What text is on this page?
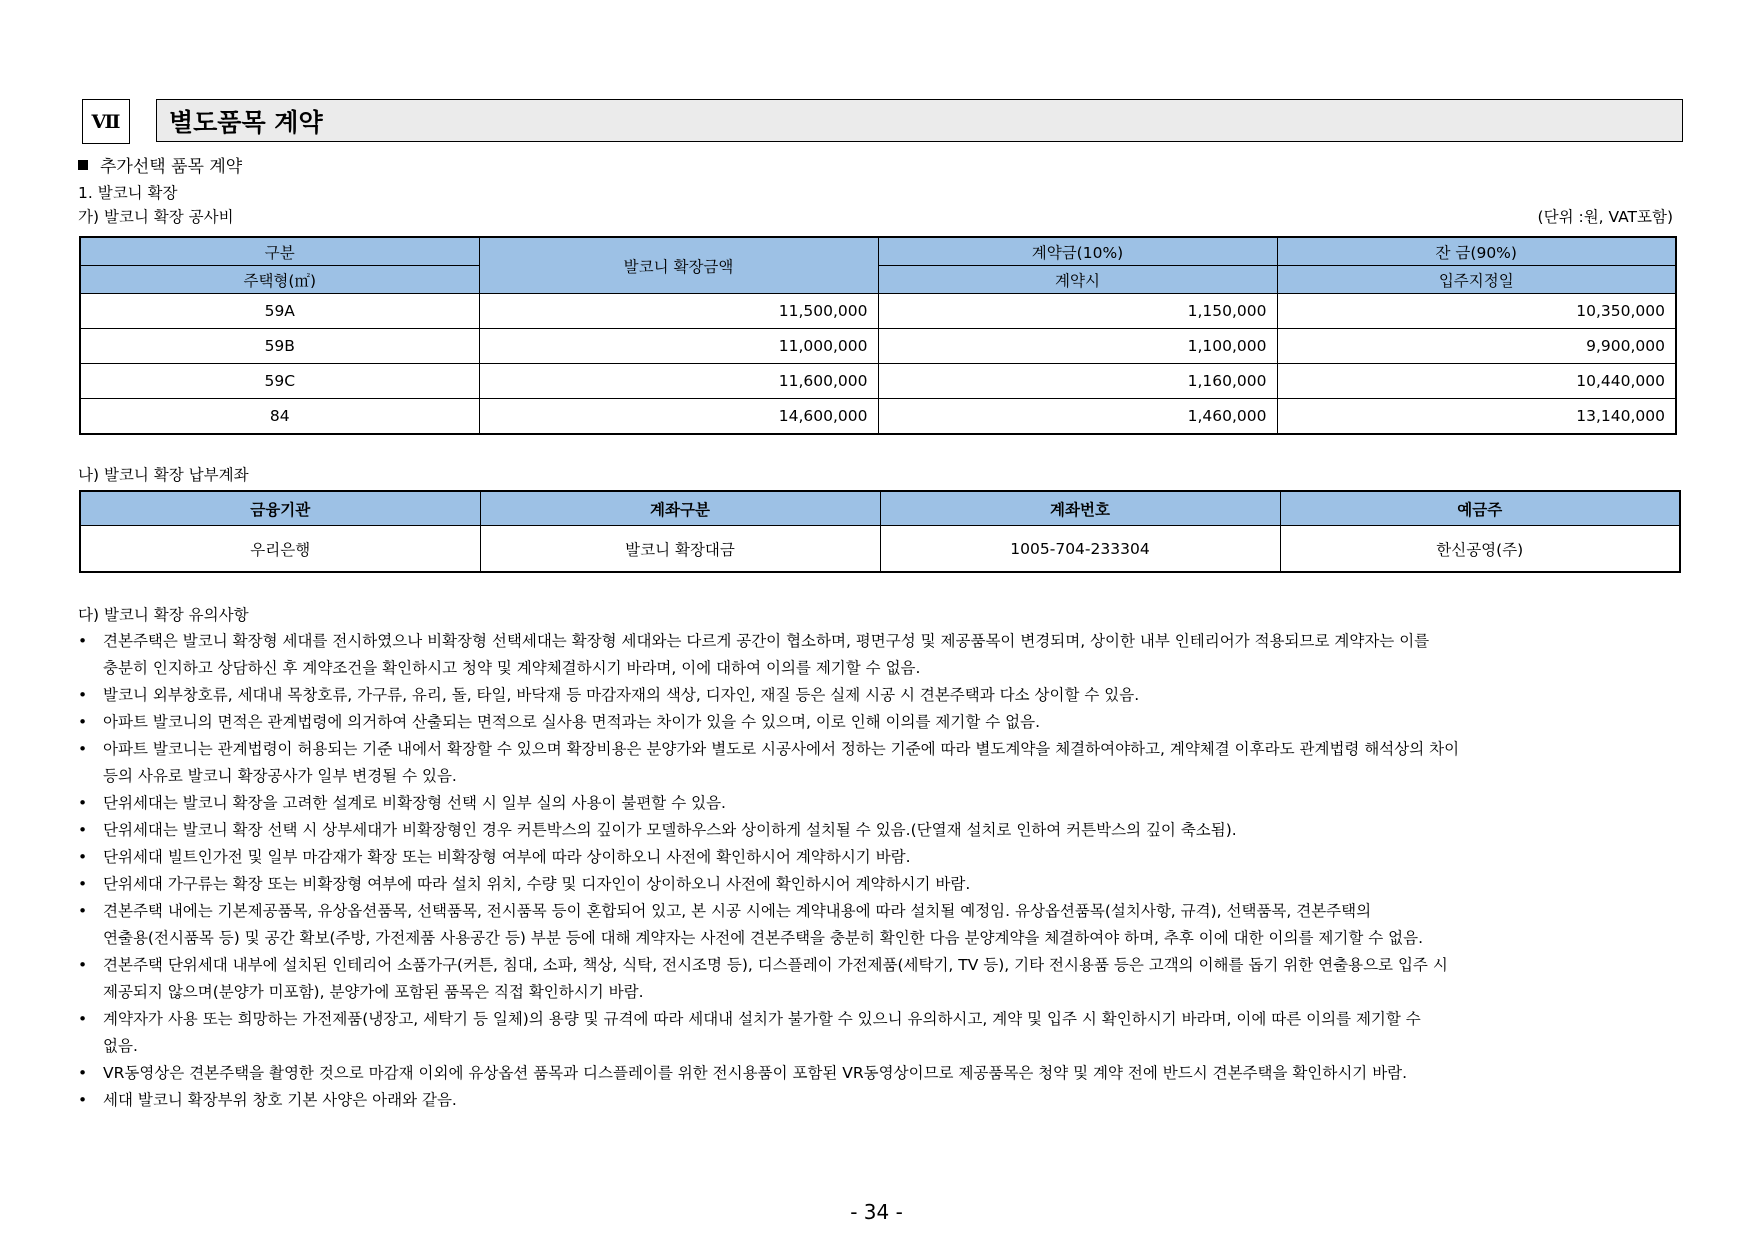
Ⅶ	별도품목 계약
추가선택 품목 계약
1. 발코니 확장
가) 발코니 확장 공사비	(단위 :원, VAT포함)
구분	발코니 확장금액	계약금(10%)	잔 금(90%)
주택형(㎡)		계약시	입주지정일
59A	11,500,000	1,150,000	10,350,000
59B	11,000,000	1,100,000	9,900,000
59C	11,600,000	1,160,000	10,440,000
84	14,600,000	1,460,000	13,140,000
나) 발코니 확장 납부계좌
금융기관	계좌구분	계좌번호	예금주
우리은행	발코니 확장대금	1005-704-233304	한신공영(주)
다) 발코니 확장 유의사항
• 견본주택은 발코니 확장형 세대를 전시하였으나 비확장형 선택세대는 확장형 세대와는 다르게 공간이 협소하며, 평면구성 및 제공품목이 변경되며, 상이한 내부 인테리어가 적용되므로 계약자는 이를
충분히 인지하고 상담하신 후 계약조건을 확인하시고 청약 및 계약체결하시기 바라며, 이에 대하여 이의를 제기할 수 없음.
• 발코니 외부창호류, 세대내 목창호류, 가구류, 유리, 돌, 타일, 바닥재 등 마감자재의 색상, 디자인, 재질 등은 실제 시공 시 견본주택과 다소 상이할 수 있음.
• 아파트 발코니의 면적은 관계법령에 의거하여 산출되는 면적으로 실사용 면적과는 차이가 있을 수 있으며, 이로 인해 이의를 제기할 수 없음.
• 아파트 발코니는 관계법령이 허용되는 기준 내에서 확장할 수 있으며 확장비용은 분양가와 별도로 시공사에서 정하는 기준에 따라 별도계약을 체결하여야하고, 계약체결 이후라도 관계법령 해석상의 차이
등의 사유로 발코니 확장공사가 일부 변경될 수 있음.
• 단위세대는 발코니 확장을 고려한 설계로 비확장형 선택 시 일부 실의 사용이 불편할 수 있음.
• 단위세대는 발코니 확장 선택 시 상부세대가 비확장형인 경우 커튼박스의 깊이가 모델하우스와 상이하게 설치될 수 있음.(단열재 설치로 인하여 커튼박스의 깊이 축소됨).
• 단위세대 빌트인가전 및 일부 마감재가 확장 또는 비확장형 여부에 따라 상이하오니 사전에 확인하시어 계약하시기 바람.
• 단위세대 가구류는 확장 또는 비확장형 여부에 따라 설치 위치, 수량 및 디자인이 상이하오니 사전에 확인하시어 계약하시기 바람.
• 견본주택 내에는 기본제공품목, 유상옵션품목, 선택품목, 전시품목 등이 혼합되어 있고, 본 시공 시에는 계약내용에 따라 설치될 예정임. 유상옵션품목(설치사항, 규격), 선택품목, 견본주택의
연출용(전시품목 등) 및 공간 확보(주방, 가전제품 사용공간 등) 부분 등에 대해 계약자는 사전에 견본주택을 충분히 확인한 다음 분양계약을 체결하여야 하며, 추후 이에 대한 이의를 제기할 수 없음.
• 견본주택 단위세대 내부에 설치된 인테리어 소품가구(커튼, 침대, 소파, 책상, 식탁, 전시조명 등), 디스플레이 가전제품(세탁기, TV 등), 기타 전시용품 등은 고객의 이해를 돕기 위한 연출용으로 입주 시
제공되지 않으며(분양가 미포함), 분양가에 포함된 품목은 직접 확인하시기 바람.
• 계약자가 사용 또는 희망하는 가전제품(냉장고, 세탁기 등 일체)의 용량 및 규격에 따라 세대내 설치가 불가할 수 있으니 유의하시고, 계약 및 입주 시 확인하시기 바라며, 이에 따른 이의를 제기할 수
없음.
• VR동영상은 견본주택을 촬영한 것으로 마감재 이외에 유상옵션 품목과 디스플레이를 위한 전시용품이 포함된 VR동영상이므로 제공품목은 청약 및 계약 전에 반드시 견본주택을 확인하시기 바람.
• 세대 발코니 확장부위 창호 기본 사양은 아래와 같음.
- 34 -
